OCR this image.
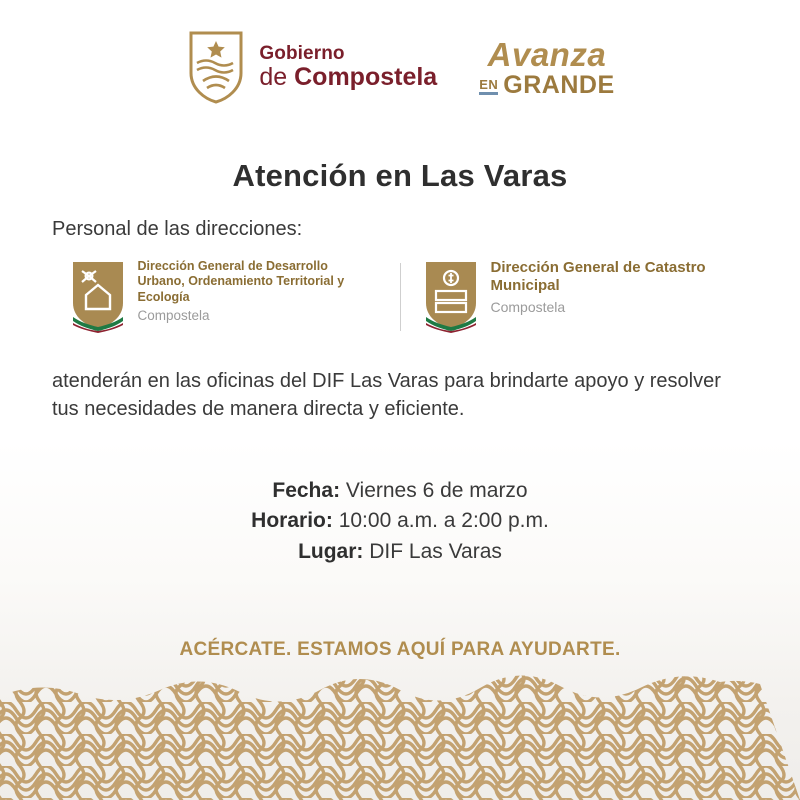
Gobierno
de Compostela
Avanza
EN GRANDE
Atención en Las Varas
Personal de las direcciones:
Dirección General de Desarrollo Urbano, Ordenamiento Territorial y Ecología
Compostela
Dirección General de Catastro Municipal
Compostela
atenderán en las oficinas del DIF Las Varas para brindarte apoyo y resolver tus necesidades de manera directa y eficiente.
Fecha: Viernes 6 de marzo
Horario: 10:00 a.m. a 2:00 p.m.
Lugar: DIF Las Varas
ACÉRCATE. ESTAMOS AQUÍ PARA AYUDARTE.
